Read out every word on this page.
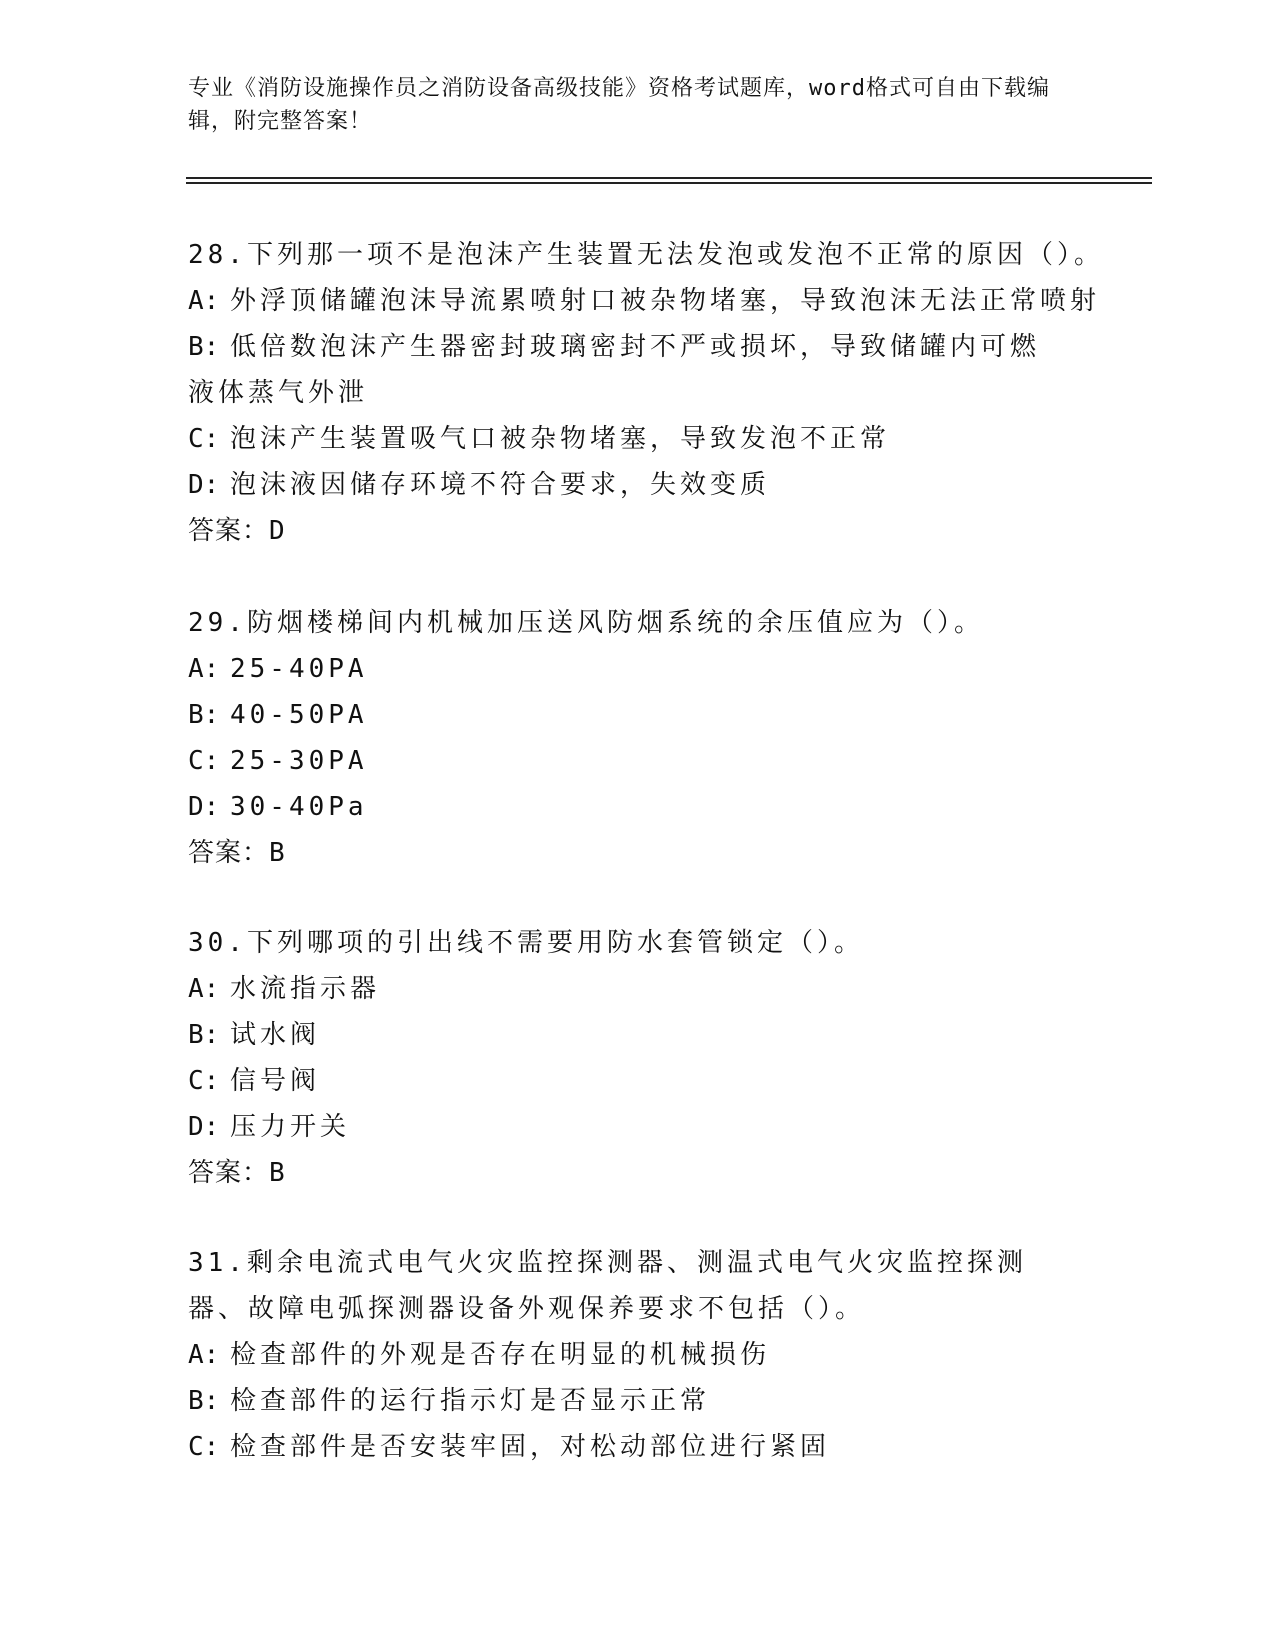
专业《消防设施操作员之消防设备高级技能》资格考试题库，word格式可自由下载编辑，附完整答案！
28.下列那一项不是泡沫产生装置无法发泡或发泡不正常的原因（）。
A: 外浮顶储罐泡沫导流累喷射口被杂物堵塞，导致泡沫无法正常喷射
B: 低倍数泡沫产生器密封玻璃密封不严或损坏，导致储罐内可燃液体蒸气外泄
C: 泡沫产生装置吸气口被杂物堵塞，导致发泡不正常
D: 泡沫液因储存环境不符合要求，失效变质
答案：D
29.防烟楼梯间内机械加压送风防烟系统的余压值应为（）。
A: 25-40PA
B: 40-50PA
C: 25-30PA
D: 30-40Pa
答案：B
30.下列哪项的引出线不需要用防水套管锁定（）。
A: 水流指示器
B: 试水阀
C: 信号阀
D: 压力开关
答案：B
31.剩余电流式电气火灾监控探测器、测温式电气火灾监控探测器、故障电弧探测器设备外观保养要求不包括（）。
A: 检查部件的外观是否存在明显的机械损伤
B: 检查部件的运行指示灯是否显示正常
C: 检查部件是否安装牢固，对松动部位进行紧固
